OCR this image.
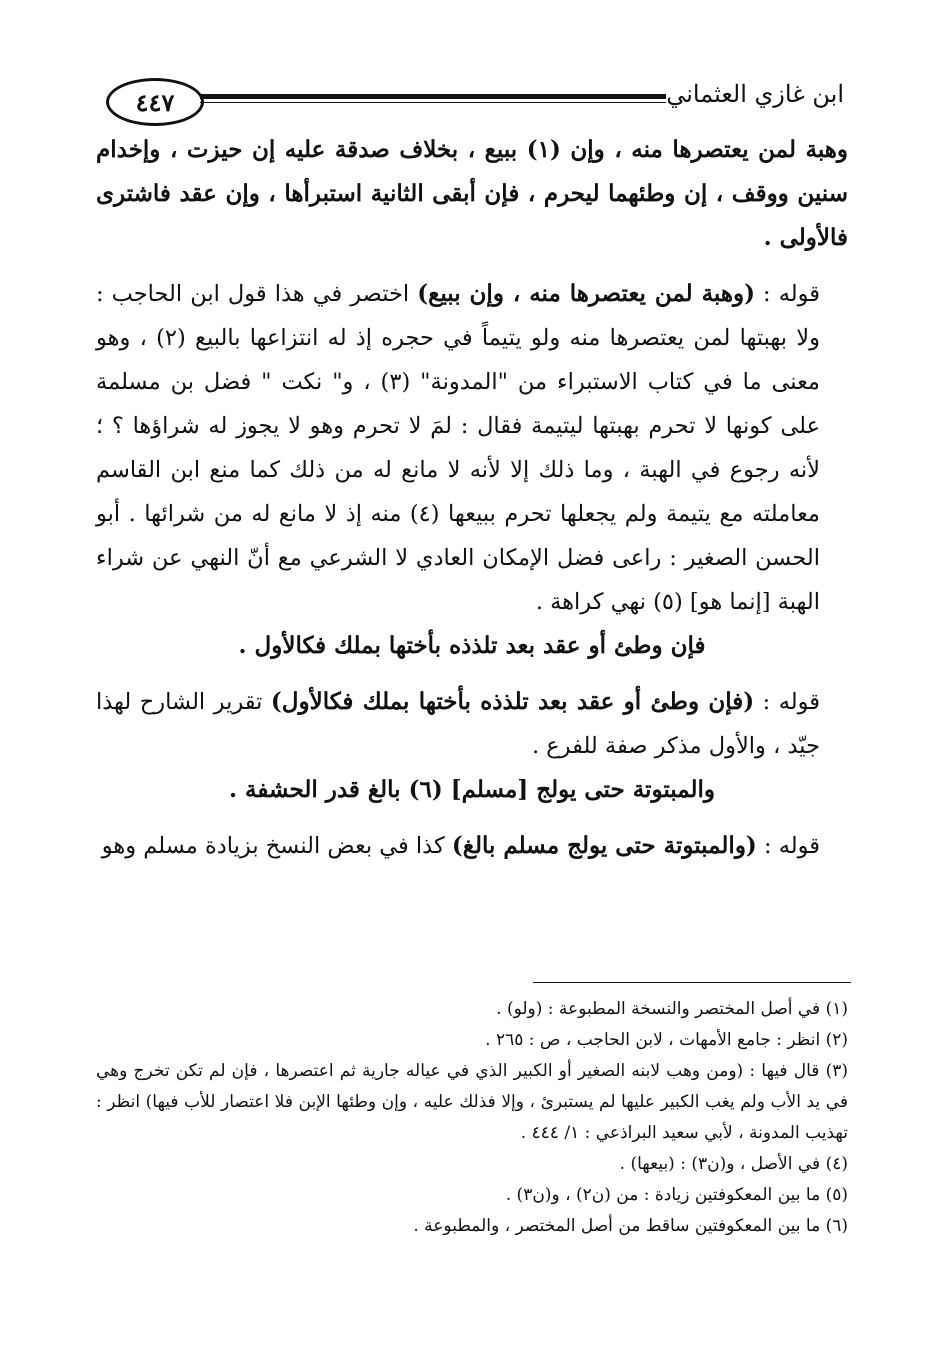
٤٤٧	ابن غازي العثماني

وهبة لمن يعتصرها منه ، وإن (١) ببيع ، بخلاف صدقة عليه إن حيزت ، وإخدام سنين ووقف ، إن وطئهما ليحرم ، فإن أبقى الثانية استبرأها ، وإن عقد فاشترى فالأولى .

قوله : (وهبة لمن يعتصرها منه ، وإن ببيع) اختصر في هذا قول ابن الحاجب : ولا بهبتها لمن يعتصرها منه ولو يتيماً في حجره إذ له انتزاعها بالبيع (٢) ، وهو معنى ما في كتاب الاستبراء من "المدونة" (٣) ، و" نكت " فضل بن مسلمة على كونها لا تحرم بهبتها ليتيمة فقال : لمَ لا تحرم وهو لا يجوز له شراؤها ؟ ؛ لأنه رجوع في الهبة ، وما ذلك إلا لأنه لا مانع له من ذلك كما منع ابن القاسم معاملته مع يتيمة ولم يجعلها تحرم ببيعها (٤) منه إذ لا مانع له من شرائها . أبو الحسن الصغير : راعى فضل الإمكان العادي لا الشرعي مع أنّ النهي عن شراء الهبة [إنما هو] (٥) نهي كراهة .

فإن وطئ أو عقد بعد تلذذه بأختها بملك فكالأول .

قوله : (فإن وطئ أو عقد بعد تلذذه بأختها بملك فكالأول) تقرير الشارح لهذا جيّد ، والأول مذكر صفة للفرع .

والمبتوتة حتى يولج [مسلم] (٦) بالغ قدر الحشفة .

قوله : (والمبتوتة حتى يولج مسلم بالغ) كذا في بعض النسخ بزيادة مسلم وهو

(١) في أصل المختصر والنسخة المطبوعة : (ولو) .

(٢) انظر : جامع الأمهات ، لابن الحاجب ، ص : ٢٦٥ .

(٣) قال فيها : (ومن وهب لابنه الصغير أو الكبير الذي في عياله جارية ثم اعتصرها ، فإن لم تكن تخرج وهي في يد الأب ولم يغب الكبير عليها لم يستبرئ ، وإلا فذلك عليه ، وإن وطئها الإبن فلا اعتصار للأب فيها) انظر : تهذيب المدونة ، لأبي سعيد البراذعي : ١/ ٤٤٤ .

(٤) في الأصل ، و(ن٣) : (بيعها) .

(٥) ما بين المعكوفتين زيادة : من (ن٢) ، و(ن٣) .

(٦) ما بين المعكوفتين ساقط من أصل المختصر ، والمطبوعة .
